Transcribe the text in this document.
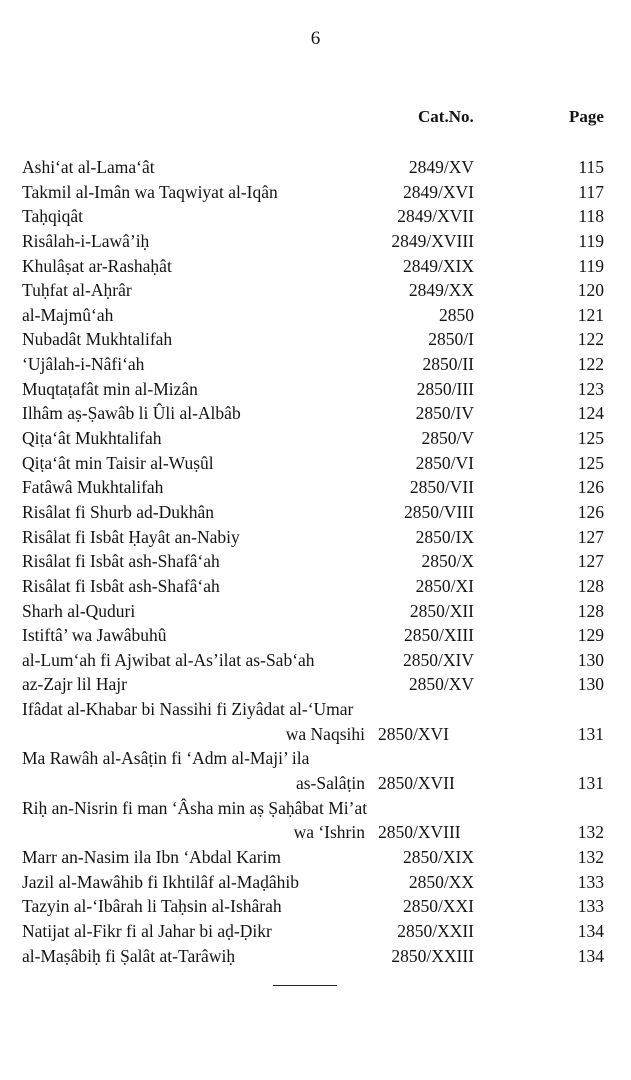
6
Cat.No.	Page
Ashi‘at al-Lama‘ât	2849/XV	115
Takmil al-Imân wa Taqwiyat al-Iqân	2849/XVI	117
Taḥqiqât	2849/XVII	118
Risâlah-i-Lawâ’iḥ	2849/XVIII	119
Khulâṣat ar-Rashaḥât	2849/XIX	119
Tuḥfat al-Aḥrâr	2849/XX	120
al-Majmû‘ah	2850	121
Nubadât Mukhtalifah	2850/I	122
‘Ujâlah-i-Nâfi‘ah	2850/II	122
Muqtaṭafât min al-Mizân	2850/III	123
Ilhâm aṣ-Ṣawâb li Ûli al-Albâb	2850/IV	124
Qiṭa‘ât Mukhtalifah	2850/V	125
Qiṭa‘ât min Taisir al-Wuṣûl	2850/VI	125
Fatâwâ Mukhtalifah	2850/VII	126
Risâlat fi Shurb ad-Dukhân	2850/VIII	126
Risâlat fi Isbât Ḥayât an-Nabiy	2850/IX	127
Risâlat fi Isbât ash-Shafâ‘ah	2850/X	127
Risâlat fi Isbât ash-Shafâ‘ah	2850/XI	128
Sharh al-Quduri	2850/XII	128
Istiftâ’ wa Jawâbuhû	2850/XIII	129
al-Lum‘ah fi Ajwibat al-As’ilat as-Sab‘ah	2850/XIV	130
az-Zajr lil Hajr	2850/XV	130
Ifâdat al-Khabar bi Nassihi fi Ziyâdat al-‘Umar
wa Naqsihi 2850/XVI	131
Ma Rawâh al-Asâṭin fi ‘Adm al-Maji’ ila
as-Salâṭin 2850/XVII	131
Riḥ an-Nisrin fi man ‘Âsha min aṣ Ṣaḥâbat Mi’at
wa ‘Ishrin 2850/XVIII	132
Marr an-Nasim ila Ibn ‘Abdal Karim	2850/XIX	132
Jazil al-Mawâhib fi Ikhtilâf al-Maḍâhib	2850/XX	133
Tazyin al-‘Ibârah li Taḥsin al-Ishârah	2850/XXI	133
Natijat al-Fikr fi al Jahar bi aḍ-Ḍikr	2850/XXII	134
al-Maṣâbiḥ fi Ṣalât at-Tarâwiḥ	2850/XXIII	134
